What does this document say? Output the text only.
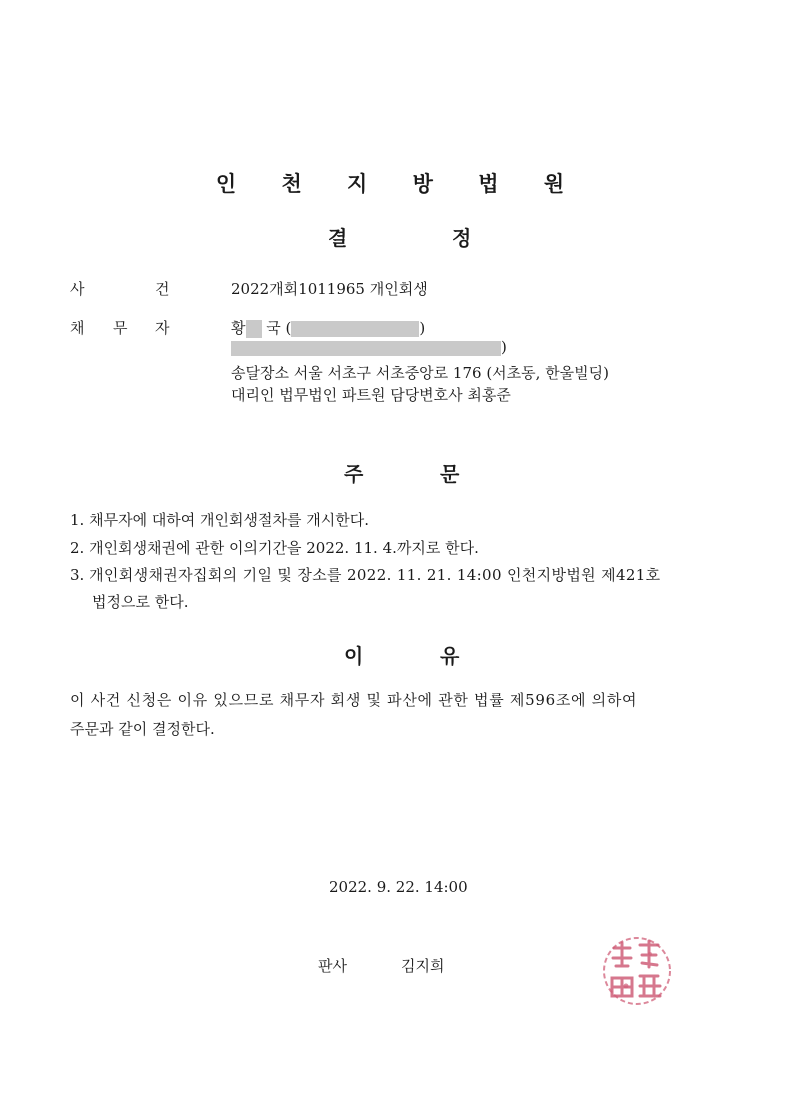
인 천 지 방 법 원
결	정
사	건	2022개회1011965 개인회생
채 무 자	황 국 (	)
)
송달장소 서울 서초구 서초중앙로 176 (서초동, 한울빌딩)
대리인 법무법인 파트원 담당변호사 최홍준
주	문
1. 채무자에 대하여 개인회생절차를 개시한다.
2. 개인회생채권에 관한 이의기간을 2022. 11. 4.까지로 한다.
3. 개인회생채권자집회의 기일 및 장소를 2022. 11. 21. 14:00 인천지방법원 제421호
법정으로 한다.
이	유
이 사건 신청은 이유 있으므로 채무자 회생 및 파산에 관한 법률 제596조에 의하여
주문과 같이 결정한다.
2022. 9. 22. 14:00
판사	김지희
